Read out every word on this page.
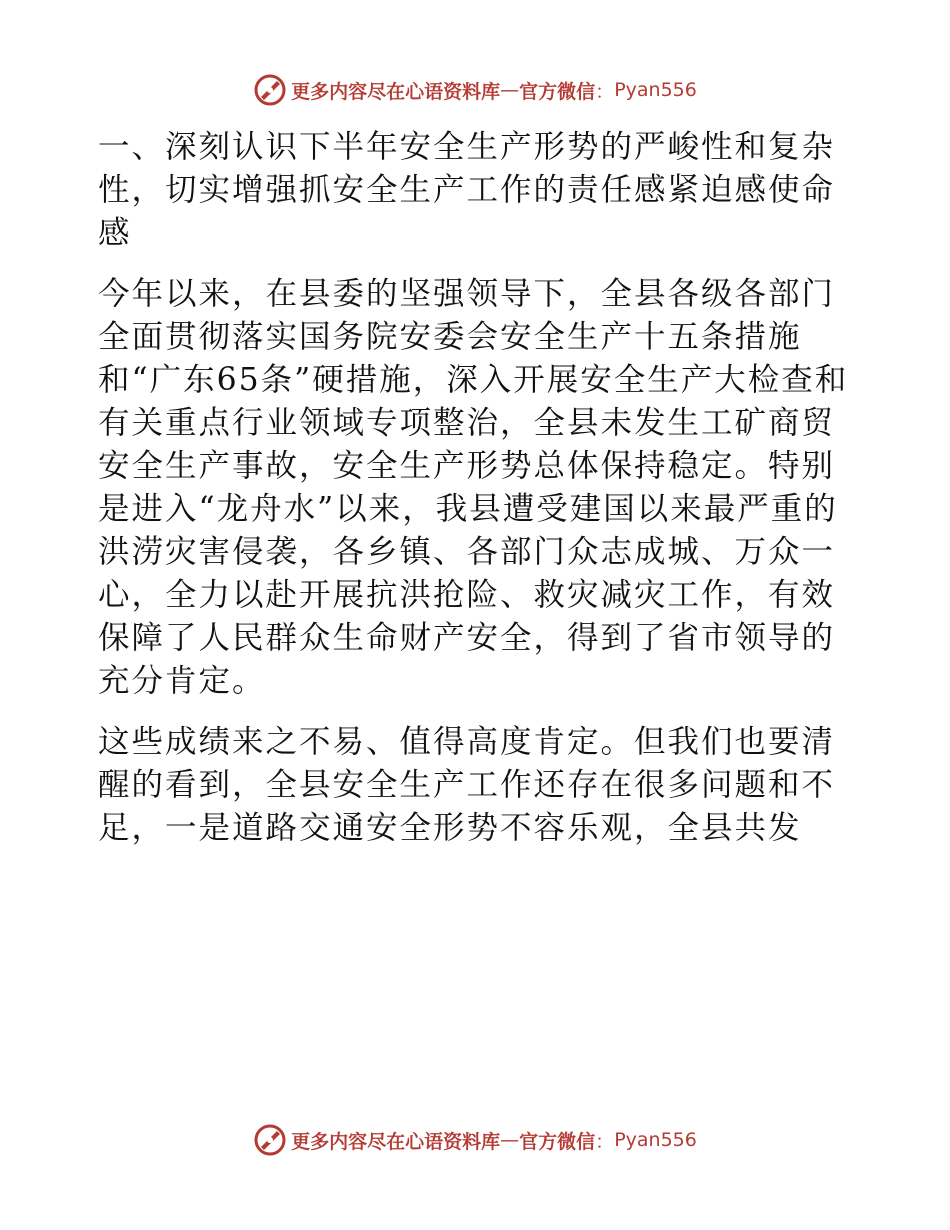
更多内容尽在心语资料库 — 官方微信 ： Pyan556

一、深刻认识下半年安全生产形势的严峻性和复杂性，切实增强抓安全生产工作的责任感紧迫感使命感

今年以来，在县委的坚强领导下，全县各级各部门全面贯彻落实国务院安委会安全生产十五条措施和“广东65条”硬措施，深入开展安全生产大检查和有关重点行业领域专项整治，全县未发生工矿商贸安全生产事故，安全生产形势总体保持稳定。特别是进入“龙舟水”以来，我县遭受建国以来最严重的洪涝灾害侵袭，各乡镇、各部门众志成城、万众一心，全力以赴开展抗洪抢险、救灾减灾工作，有效保障了人民群众生命财产安全，得到了省市领导的充分肯定。

这些成绩来之不易、值得高度肯定。但我们也要清醒的看到，全县安全生产工作还存在很多问题和不足，一是道路交通安全形势不容乐观，全县共发

更多内容尽在心语资料库 — 官方微信 ： Pyan556
